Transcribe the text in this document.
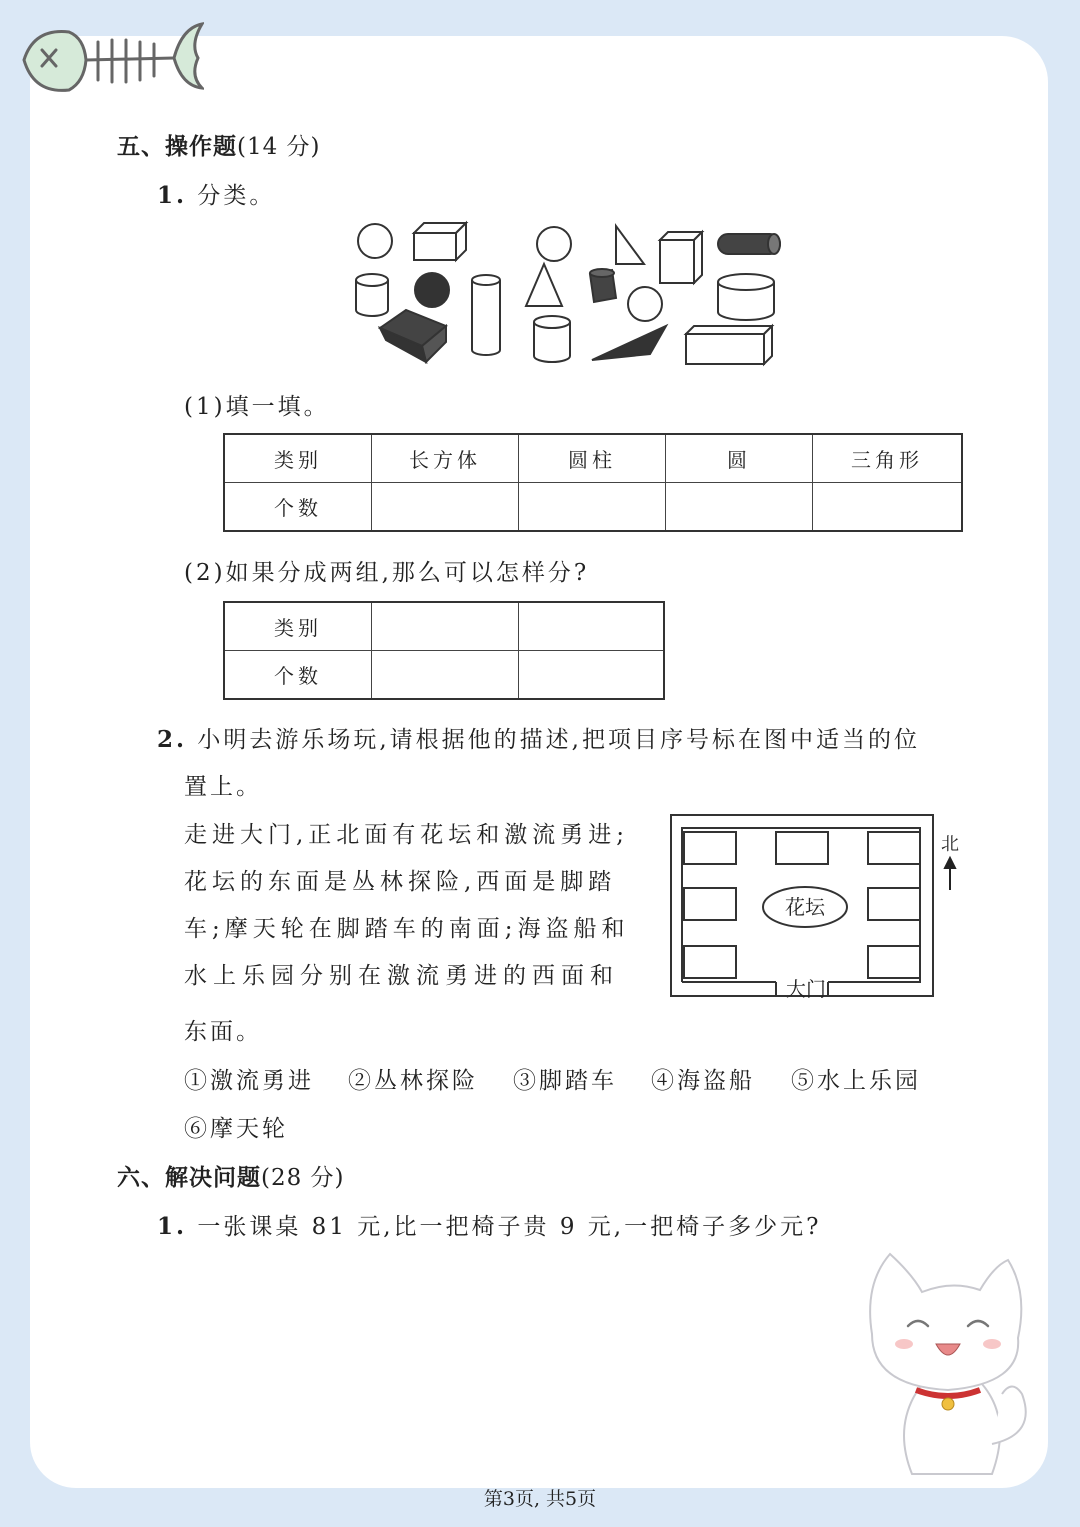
五、操作题(14 分)
1. 分类。
(1)填一填。
类别	长方体	圆柱	圆	三角形
个数				
(2)如果分成两组,那么可以怎样分?
类别		
个数		
2. 小明去游乐场玩,请根据他的描述,把项目序号标在图中适当的位
置上。
走进大门,正北面有花坛和激流勇进;
花坛的东面是丛林探险,西面是脚踏
车;摩天轮在脚踏车的南面;海盗船和
水上乐园分别在激流勇进的西面和
东面。
花坛
大门
北
①激流勇进 ②丛林探险 ③脚踏车 ④海盗船 ⑤水上乐园
⑥摩天轮
六、解决问题(28 分)
1. 一张课桌 81 元,比一把椅子贵 9 元,一把椅子多少元?
第3页, 共5页
